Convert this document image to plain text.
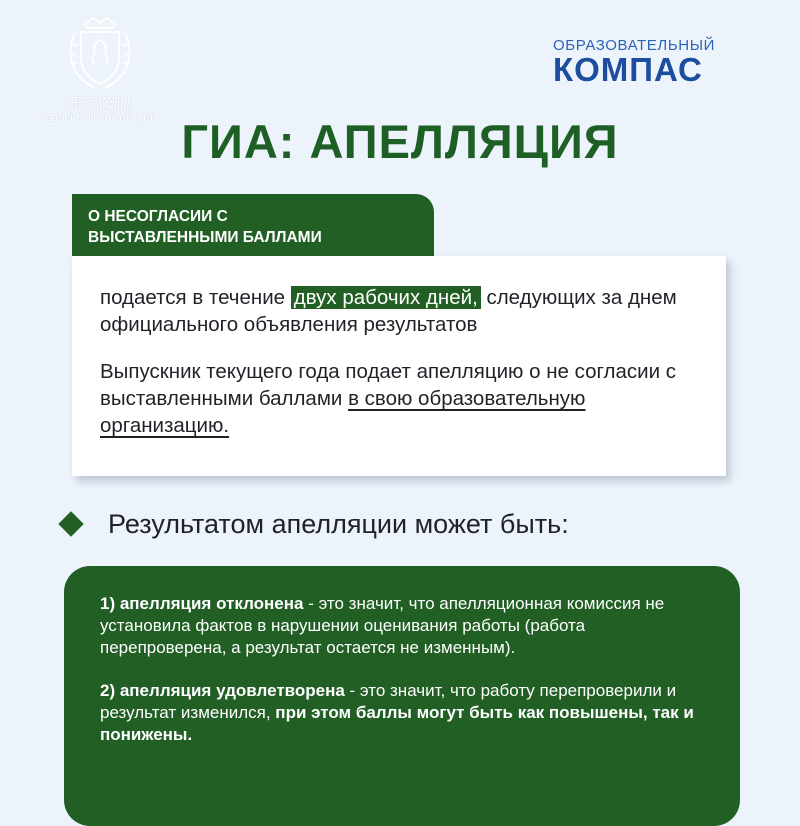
ДЕПАРТАМЕНТ ОБРАЗОВАНИЯ НОВОСИБИРСКОЙ ОБЛАСТИ
ОБРАЗОВАТЕЛЬНЫЙ
КОМПАС
ГИА: АПЕЛЛЯЦИЯ
О НЕСОГЛАСИИ С
ВЫСТАВЛЕННЫМИ БАЛЛАМИ

подается в течение двух рабочих дней, следующих за днем официального объявления результатов

Выпускник текущего года подает апелляцию о не согласии с выставленными баллами в свою образовательную организацию.

Результатом апелляции может быть:

1) апелляция отклонена - это значит, что апелляционная комиссия не установила фактов в нарушении оценивания работы (работа перепроверена, а результат остается не изменным).

2) апелляция удовлетворена - это значит, что работу перепроверили и результат изменился, при этом баллы могут быть как повышены, так и понижены.
